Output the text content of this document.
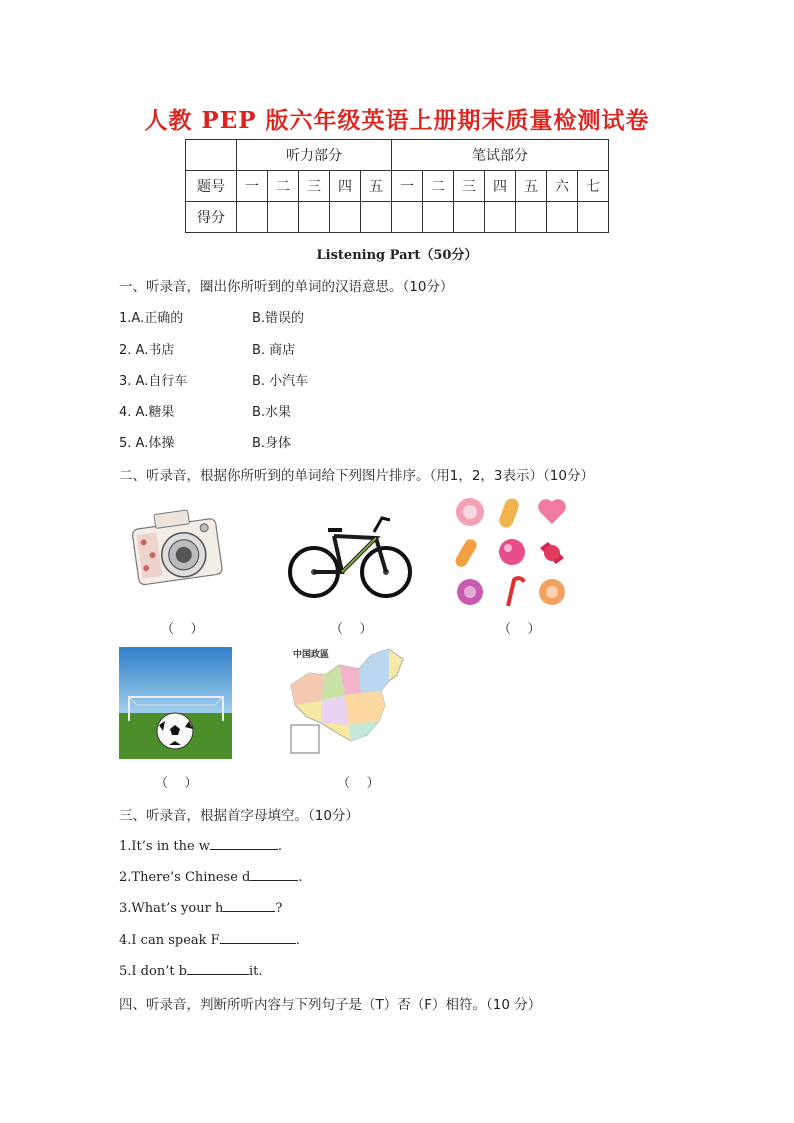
人教 PEP 版六年级英语上册期末质量检测试卷
	听力部分					笔试部分						
题号	一	二	三	四	五	一	二	三	四	五	六	七
得分												
Listening Part（50分）
一、听录音，圈出你所听到的单词的汉语意思。（10分）
1.A.正确的	B.错误的
2. A.书店	B. 商店
3. A.自行车	B. 小汽车
4. A.糖果	B.水果
5. A.体操	B.身体
二、听录音，根据你所听到的单词给下列图片排序。（用1，2，3表示）（10分）
（    ）	（    ）	（    ）
（    ）
中国政區
（    ）
三、听录音，根据首字母填空。（10分）
1.It’s in the w	.
2.There’s Chinese d	.
3.What’s your h	?
4.I can speak F	.
5.I don’t b	it.
四、听录音，判断所听内容与下列句子是（T）否（F）相符。（10 分）
